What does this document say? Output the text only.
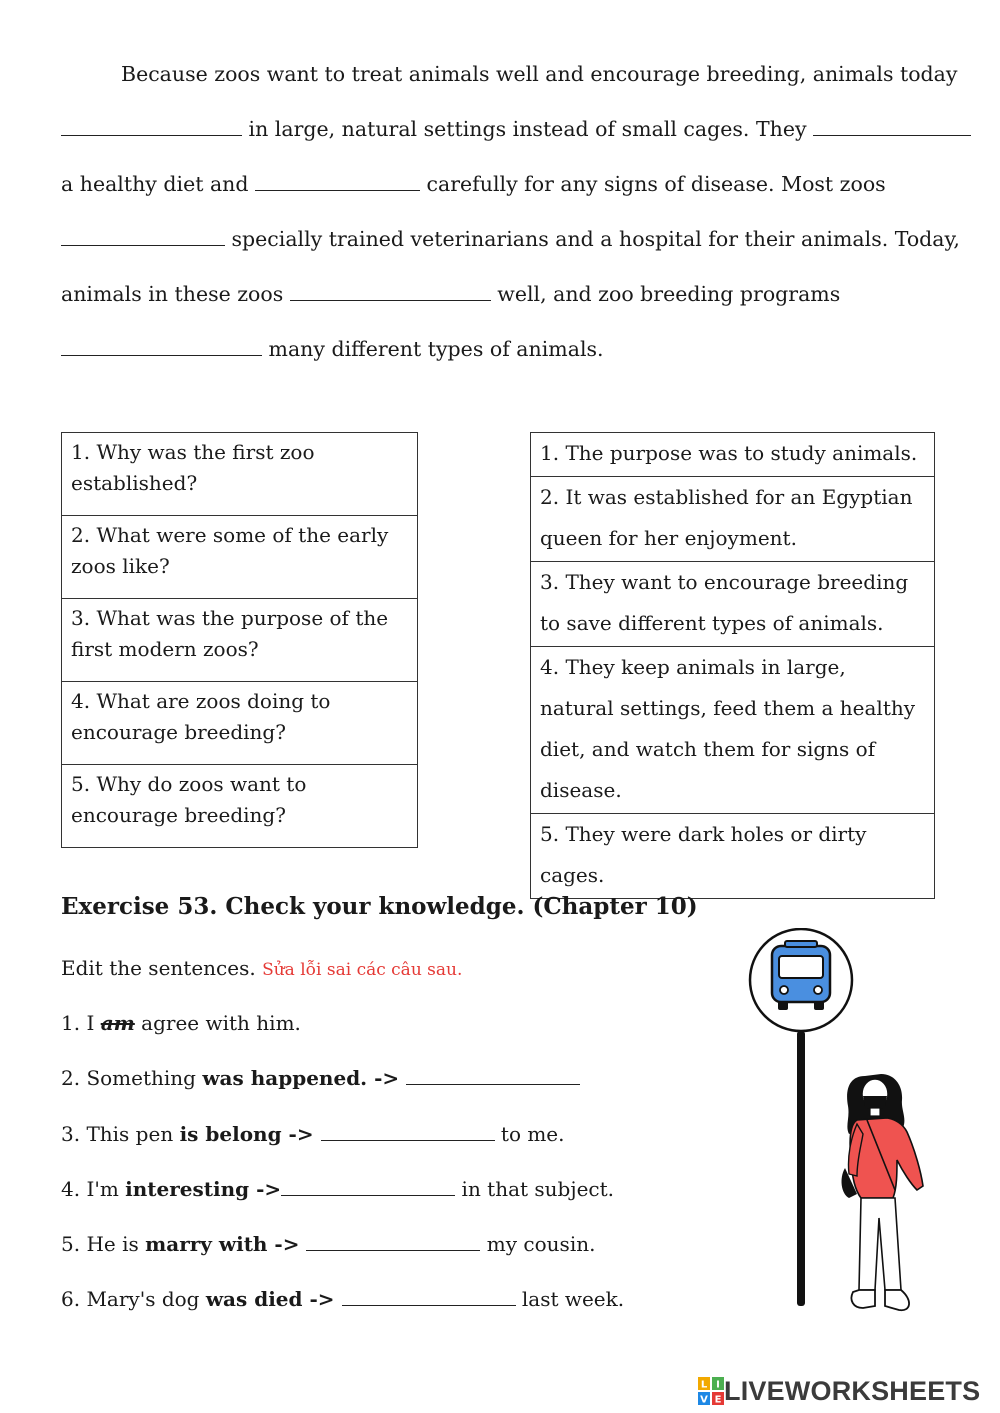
Because zoos want to treat animals well and encourage breeding, animals today
in large, natural settings instead of small cages. They
a healthy diet and	carefully for any signs of disease. Most zoos
specially trained veterinarians and a hospital for their animals. Today,
animals in these zoos	well, and zoo breeding programs
many different types of animals.
1. Why was the first zoo established?
2. What were some of the early zoos like?
3. What was the purpose of the first modern zoos?
4. What are zoos doing to encourage breeding?
5. Why do zoos want to encourage breeding?
1. The purpose was to study animals.
2. It was established for an Egyptian queen for her enjoyment.
3. They want to encourage breeding to save different types of animals.
4. They keep animals in large, natural settings, feed them a healthy diet, and watch them for signs of disease.
5. They were dark holes or dirty cages.
Exercise 53. Check your knowledge. (Chapter 10)
Edit the sentences. Sửa lỗi sai các câu sau.
1. I am agree with him.
2. Something was happened. ->
3. This pen is belong ->	to me.
4. I'm interesting ->	in that subject.
5. He is marry with ->	my cousin.
6. Mary's dog was died ->	last week.
L I
V E LIVEWORKSHEETS
